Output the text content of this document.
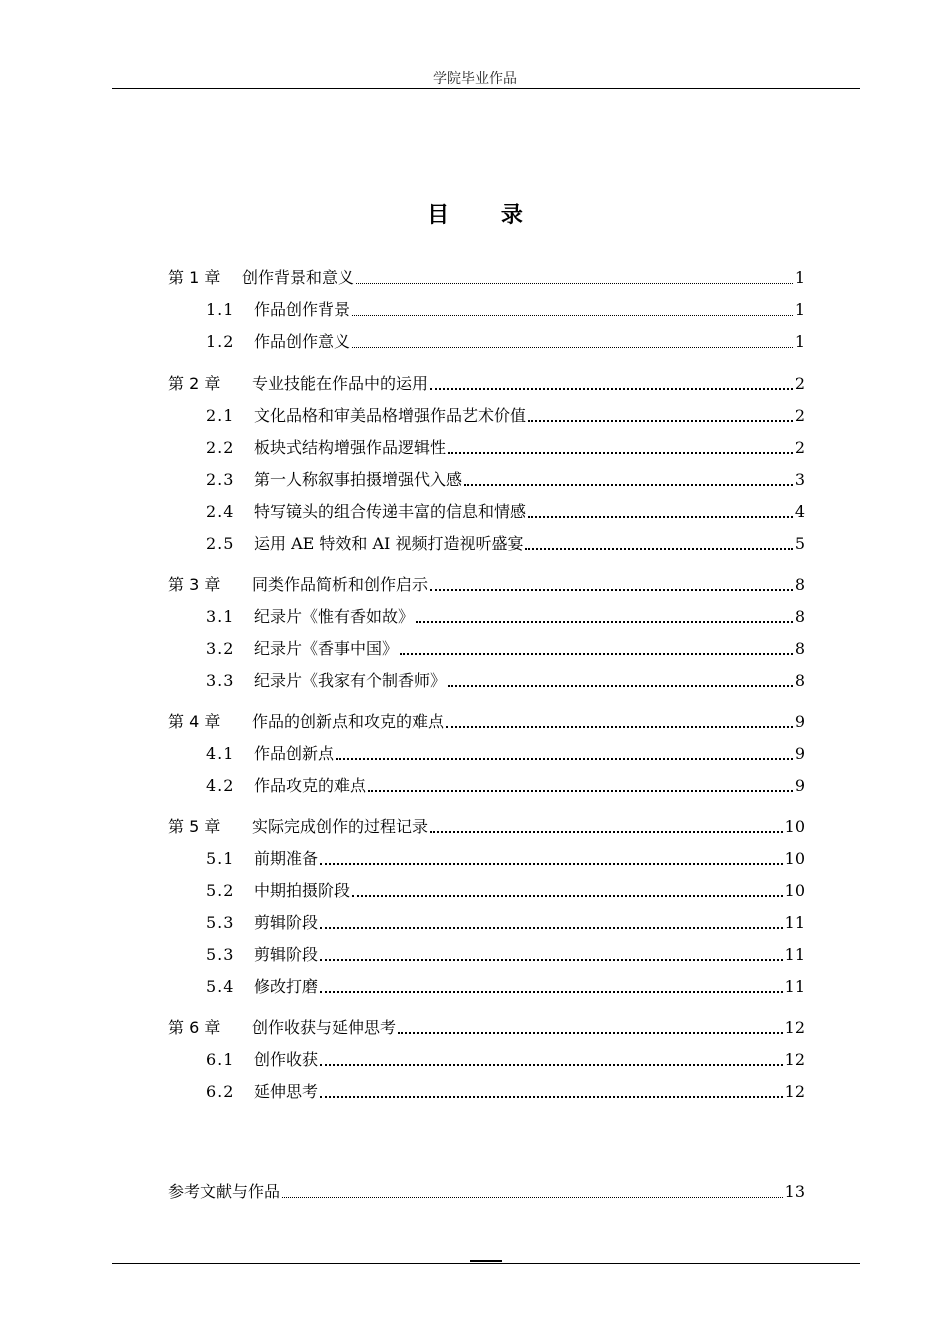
学院毕业作品
目 录
第 1 章	创作背景和意义	1
1.1	作品创作背景	1
1.2	作品创作意义	1
第 2 章	专业技能在作品中的运用	2
2.1	文化品格和审美品格增强作品艺术价值	2
2.2	板块式结构增强作品逻辑性	2
2.3	第一人称叙事拍摄增强代入感	3
2.4	特写镜头的组合传递丰富的信息和情感	4
2.5	运用 AE 特效和 AI 视频打造视听盛宴	5
第 3 章	同类作品简析和创作启示	8
3.1	纪录片《惟有香如故》	8
3.2	纪录片《香事中国》	8
3.3	纪录片《我家有个制香师》	8
第 4 章	作品的创新点和攻克的难点	9
4.1	作品创新点	9
4.2	作品攻克的难点	9
第 5 章	实际完成创作的过程记录	10
5.1	前期准备	10
5.2	中期拍摄阶段	10
5.3	剪辑阶段	11
5.3	剪辑阶段	11
5.4	修改打磨	11
第 6 章	创作收获与延伸思考	12
6.1	创作收获	12
6.2	延伸思考	12
参考文献与作品	13
